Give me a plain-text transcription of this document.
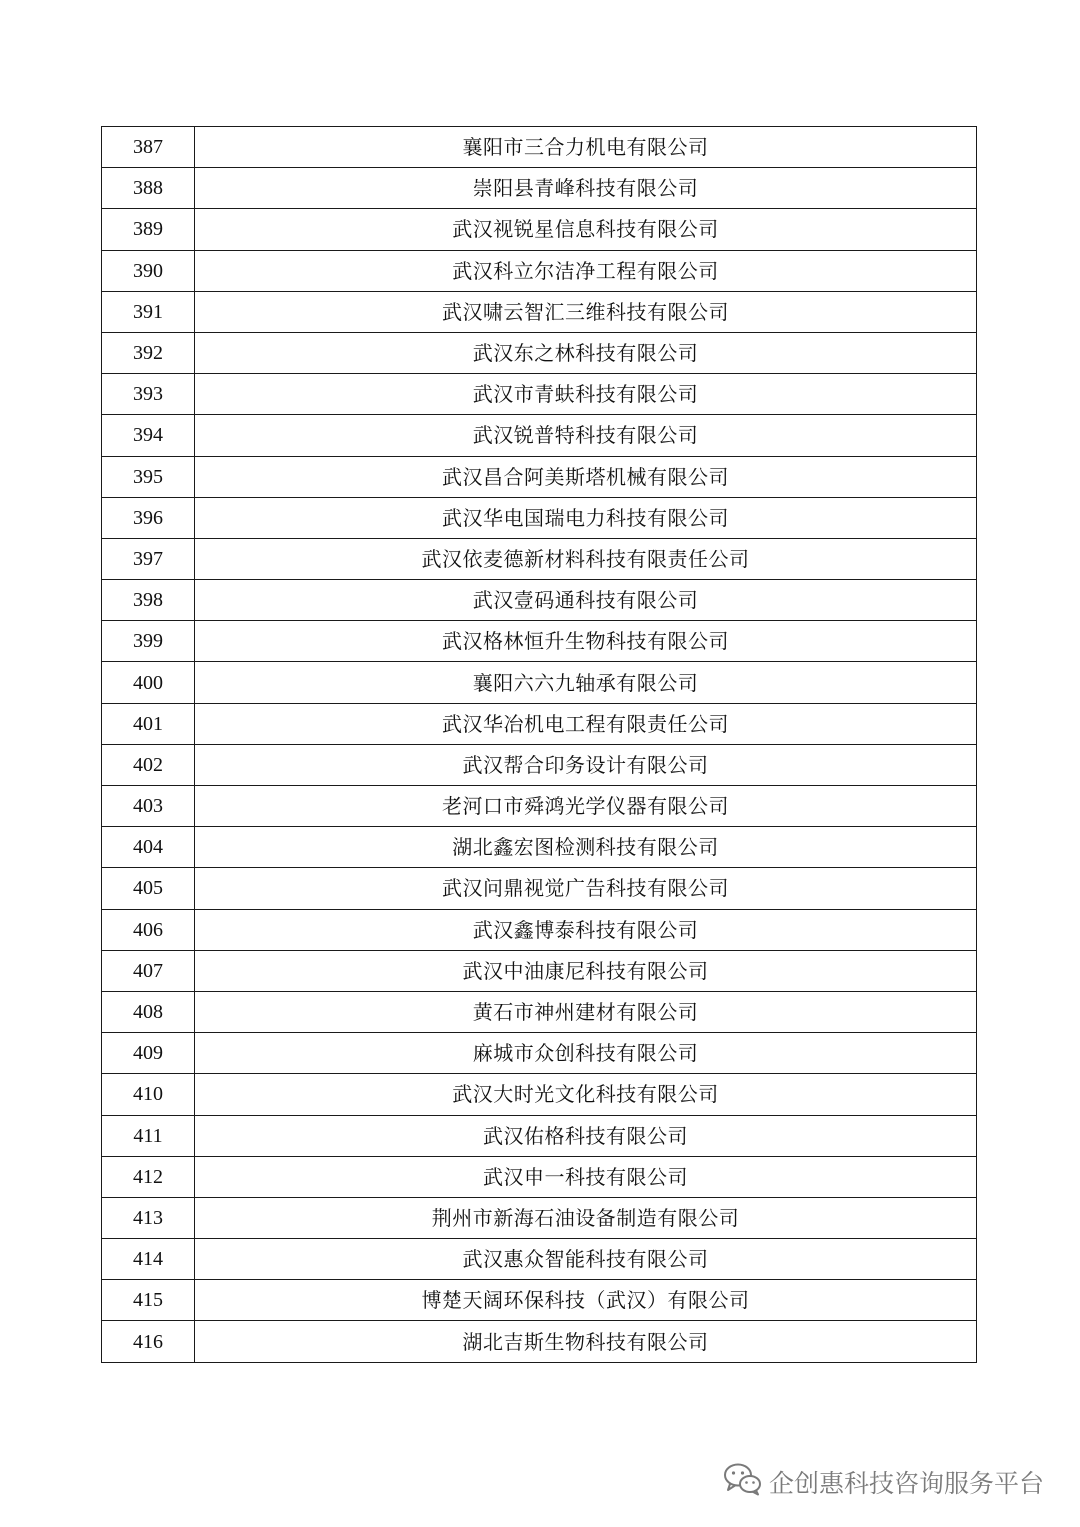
387	襄阳市三合力机电有限公司
388	崇阳县青峰科技有限公司
389	武汉视锐星信息科技有限公司
390	武汉科立尔洁净工程有限公司
391	武汉啸云智汇三维科技有限公司
392	武汉东之林科技有限公司
393	武汉市青蚨科技有限公司
394	武汉锐普特科技有限公司
395	武汉昌合阿美斯塔机械有限公司
396	武汉华电国瑞电力科技有限公司
397	武汉依麦德新材料科技有限责任公司
398	武汉壹码通科技有限公司
399	武汉格林恒升生物科技有限公司
400	襄阳六六九轴承有限公司
401	武汉华冶机电工程有限责任公司
402	武汉帮合印务设计有限公司
403	老河口市舜鸿光学仪器有限公司
404	湖北鑫宏图检测科技有限公司
405	武汉问鼎视觉广告科技有限公司
406	武汉鑫博泰科技有限公司
407	武汉中油康尼科技有限公司
408	黄石市神州建材有限公司
409	麻城市众创科技有限公司
410	武汉大时光文化科技有限公司
411	武汉佑格科技有限公司
412	武汉申一科技有限公司
413	荆州市新海石油设备制造有限公司
414	武汉惠众智能科技有限公司
415	博楚天阔环保科技（武汉）有限公司
416	湖北吉斯生物科技有限公司
企创惠科技咨询服务平台
